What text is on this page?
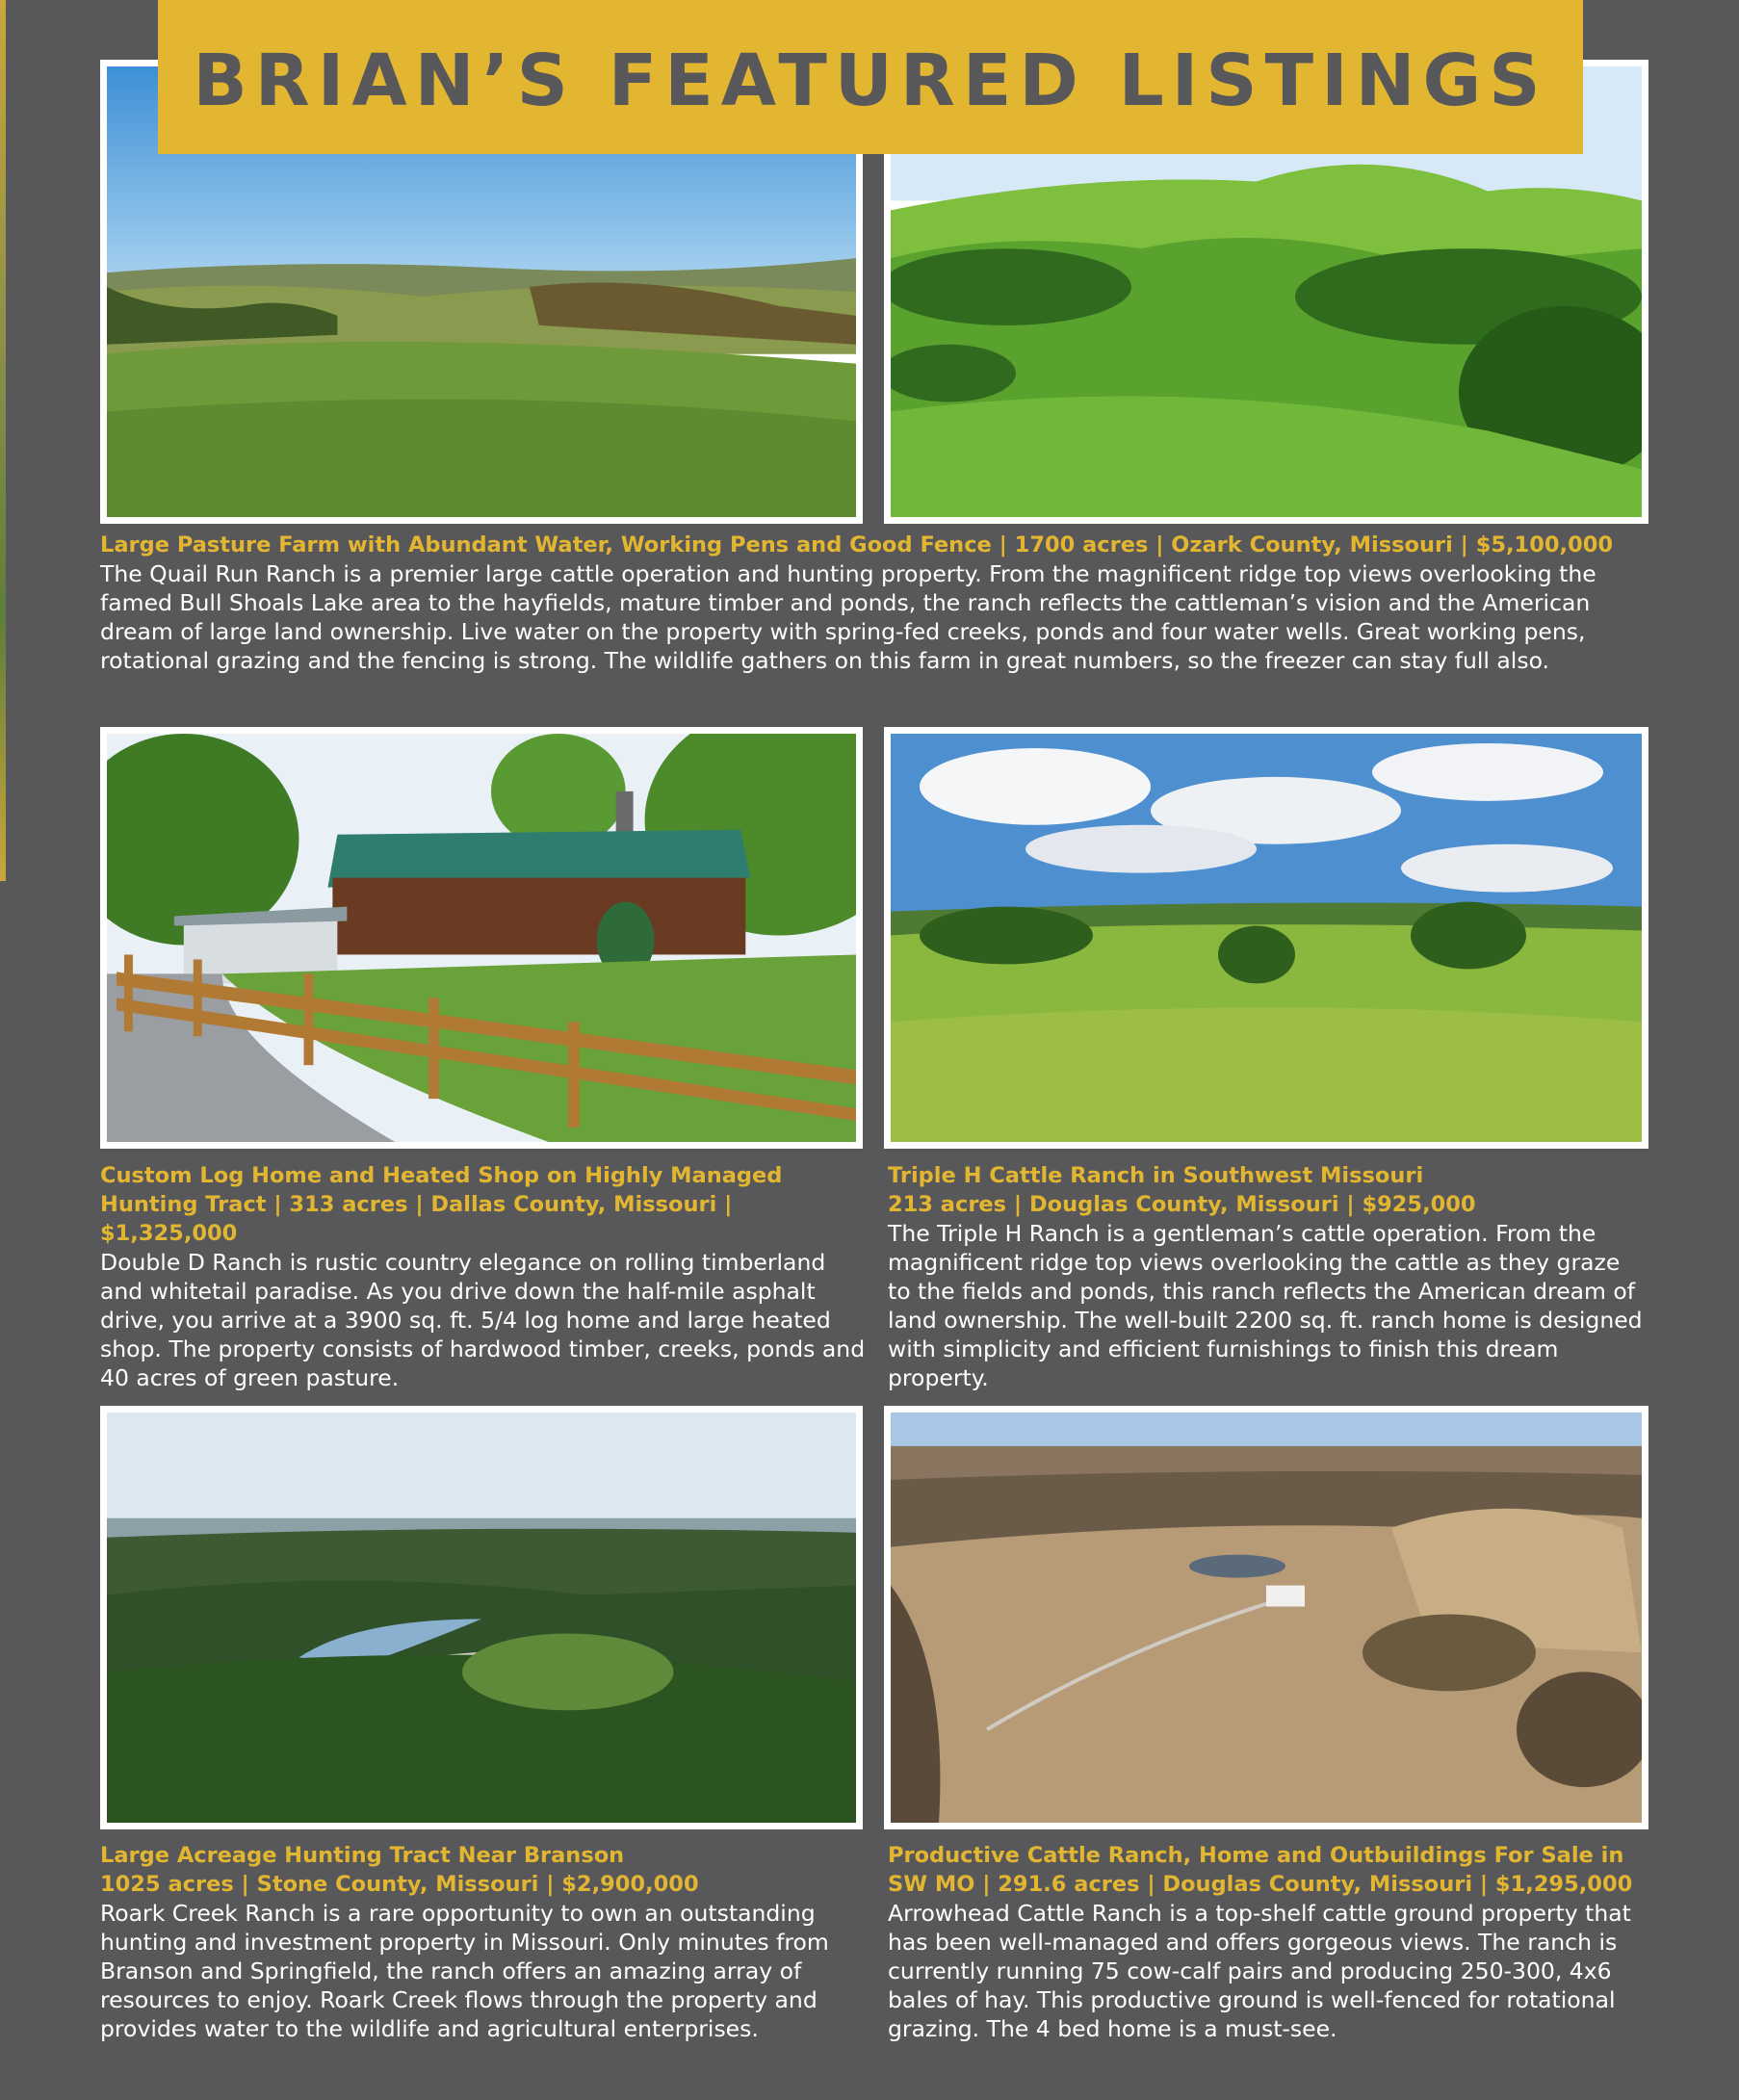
BRIAN’S FEATURED LISTINGS
Large Pasture Farm with Abundant Water, Working Pens and Good Fence | 1700 acres | Ozark County, Missouri | $5,100,000

The Quail Run Ranch is a premier large cattle operation and hunting property. From the magnificent ridge top views overlooking the famed Bull Shoals Lake area to the hayfields, mature timber and ponds, the ranch reflects the cattleman’s vision and the American dream of large land ownership. Live water on the property with spring-fed creeks, ponds and four water wells. Great working pens, rotational grazing and the fencing is strong. The wildlife gathers on this farm in great numbers, so the freezer can stay full also.

Custom Log Home and Heated Shop on Highly Managed
Hunting Tract | 313 acres | Dallas County, Missouri | $1,325,000

Double D Ranch is rustic country elegance on rolling timberland and whitetail paradise. As you drive down the half-mile asphalt drive, you arrive at a 3900 sq. ft. 5/4 log home and large heated shop. The property consists of hardwood timber, creeks, ponds and 40 acres of green pasture.

Triple H Cattle Ranch in Southwest Missouri
213 acres | Douglas County, Missouri | $925,000

The Triple H Ranch is a gentleman’s cattle operation. From the magnificent ridge top views overlooking the cattle as they graze to the fields and ponds, this ranch reflects the American dream of land ownership. The well-built 2200 sq. ft. ranch home is designed with simplicity and efficient furnishings to finish this dream property.

Large Acreage Hunting Tract Near Branson
1025 acres | Stone County, Missouri | $2,900,000

Roark Creek Ranch is a rare opportunity to own an outstanding hunting and investment property in Missouri. Only minutes from Branson and Springfield, the ranch offers an amazing array of resources to enjoy. Roark Creek flows through the property and provides water to the wildlife and agricultural enterprises.

Productive Cattle Ranch, Home and Outbuildings For Sale in
SW MO | 291.6 acres | Douglas County, Missouri | $1,295,000

Arrowhead Cattle Ranch is a top-shelf cattle ground property that has been well-managed and offers gorgeous views. The ranch is currently running 75 cow-calf pairs and producing 250-300, 4x6 bales of hay. This productive ground is well-fenced for rotational grazing. The 4 bed home is a must-see.
